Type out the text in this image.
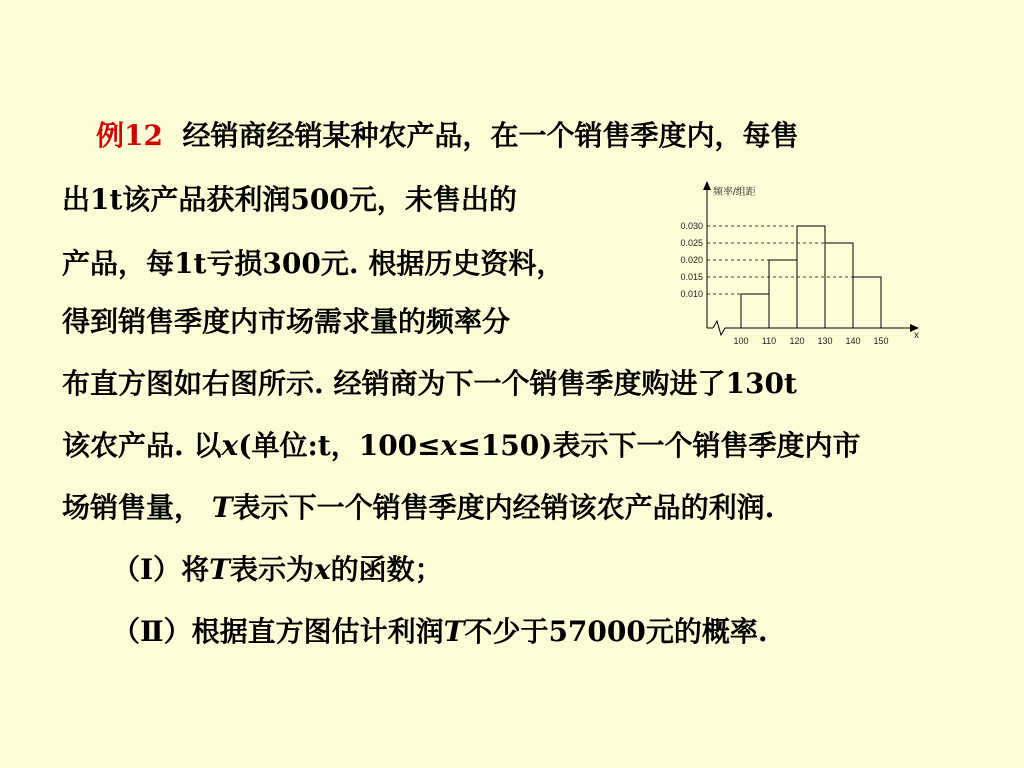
例12 经销商经销某种农产品，在一个销售季度内，每售
出1t该产品获利润500元，未售出的
产品，每1t亏损300元. 根据历史资料，
得到销售季度内市场需求量的频率分
布直方图如右图所示. 经销商为下一个销售季度购进了130t
该农产品. 以x(单位:t，100≤x≤150)表示下一个销售季度内市
场销售量， T表示下一个销售季度内经销该农产品的利润.
（Ⅰ）将T表示为x的函数；
（Ⅱ）根据直方图估计利润T不少于57000元的概率.
频率/组距
x
0.010
0.015
0.020
0.025
0.030
100 110 120 130 140 150
